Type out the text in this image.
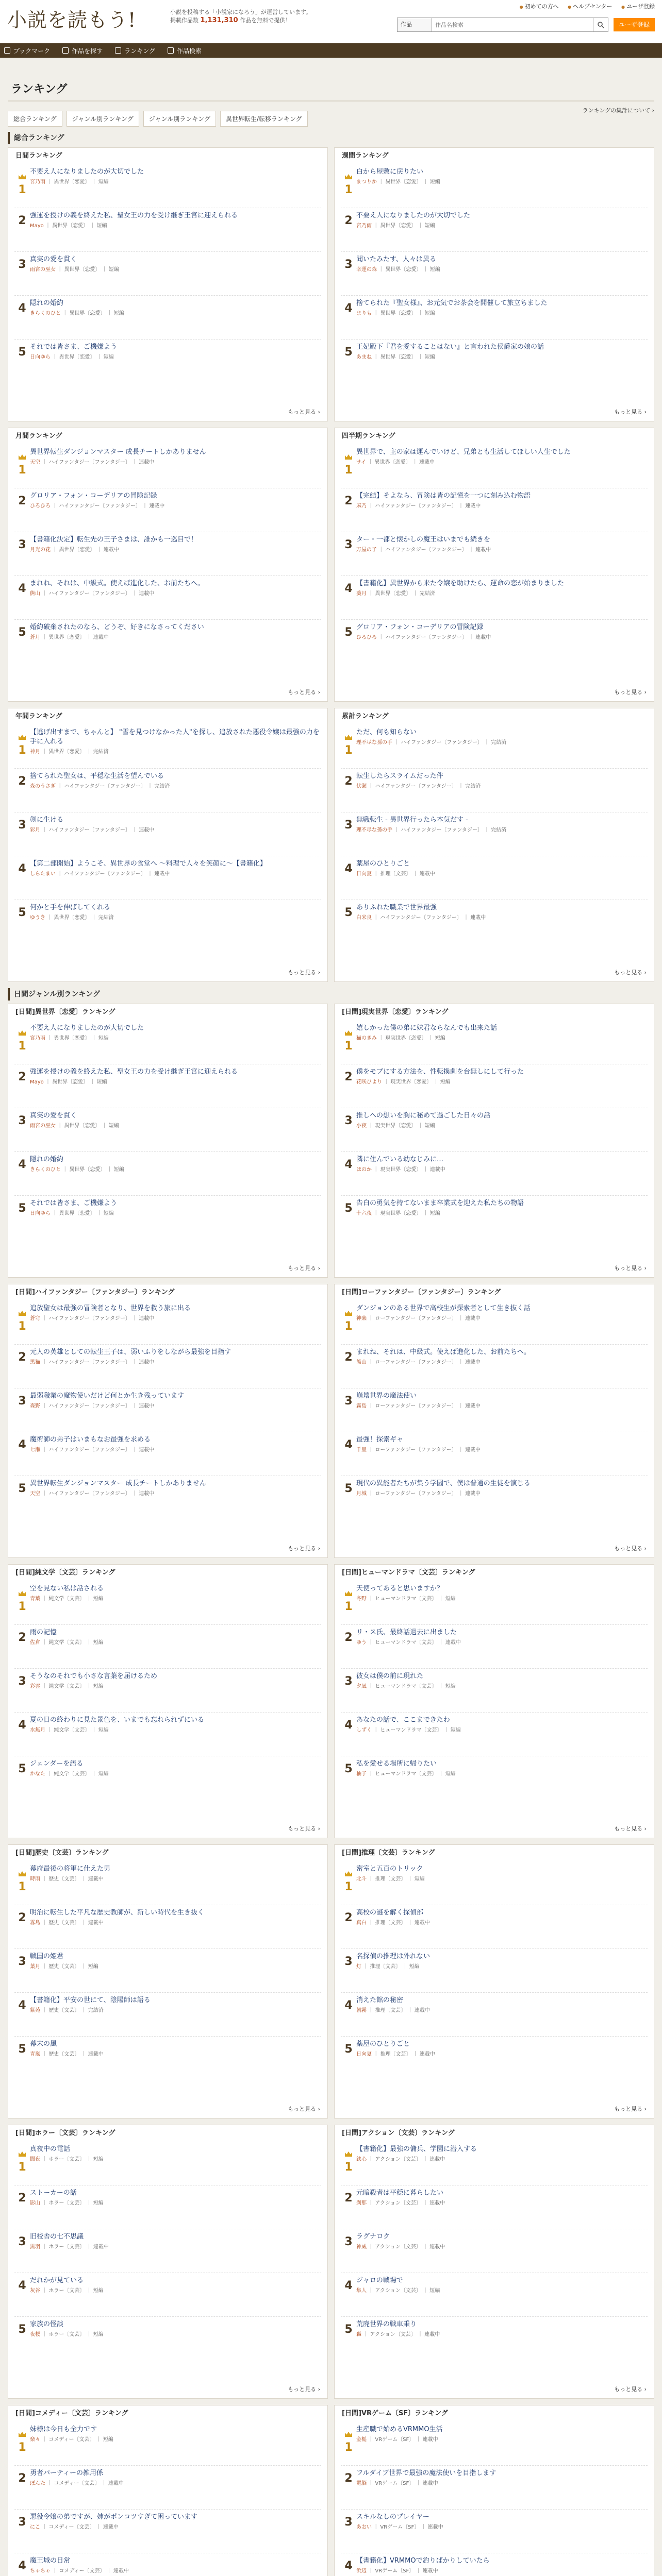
小説を読もう!	小説を投稿する「小説家になろう」が運営しています。
掲載作品数 1,131,310 作品を無料で提供！
● 初めての方へ ● ヘルプセンター ● ユーザ登録
作品
作品名検索	ユーザ登録
ブックマーク	作品を探す	ランキング	作品検索
ランキング
ランキングの集計について ›
総合ランキング	ジャンル別ランキング	ジャンル別ランキング	異世界転生/転移ランキング
総合ランキング
日間ランキング
1
不要え人になりましたのが大切でした
宮乃雨 ｜ 異世界〔恋愛〕 ｜ 短編
2 強運を授けの義を終えた私、聖女王の力を受け継ぎ王宮に迎えられる
Mayo ｜ 異世界〔恋愛〕 ｜ 短編
3 真実の愛を貫く
雨宮の巫女 ｜ 異世界〔恋愛〕 ｜ 短編
4 隠れの婚約
きらくのひと ｜ 異世界〔恋愛〕 ｜ 短編
5 それでは皆さま、ご機嫌よう
日向ゆら ｜ 異世界〔恋愛〕 ｜ 短編
もっと見る ›
週間ランキング
1
白から屋敷に戻りたい
まつりか ｜ 異世界〔恋愛〕 ｜ 短編
2 不要え人になりましたのが大切でした
宮乃雨 ｜ 異世界〔恋愛〕 ｜ 短編
3 聞いたみたす、人々は異る
幸運の森 ｜ 異世界〔恋愛〕 ｜ 短編
4 捨てられた『聖女様』、お元気でお茶会を開催して旅立ちました
まりも ｜ 異世界〔恋愛〕 ｜ 短編
5 王妃殿下『君を愛することはない』と言われた侯爵家の娘の話
あまね ｜ 異世界〔恋愛〕 ｜ 短編
もっと見る ›
月間ランキング
1
異世界転生ダンジョンマスター 成長チートしかありません
天空 ｜ ハイファンタジー〔ファンタジー〕 ｜ 連載中
2 グロリア・フォン・コーデリアの冒険記録
ひろひろ ｜ ハイファンタジー〔ファンタジー〕 ｜ 連載中
3 【書籍化決定】転生先の王子さまは、誰かも一巡目で！
月光の花 ｜ 異世界〔恋愛〕 ｜ 連載中
4 まれね、それは、中級式。使えば進化した、お前たちへ。
熊山 ｜ ハイファンタジー〔ファンタジー〕 ｜ 連載中
5 婚約破棄されたのなら、どうぞ、好きになさってください
蒼月 ｜ 異世界〔恋愛〕 ｜ 連載中
もっと見る ›
四半期ランキング
1
異世界で、主の家は運んでいけど、兄弟とも生活してほしい人生でした
サイ ｜ 異世界〔恋愛〕 ｜ 連載中
2 【完結】そよなら、冒険は皆の記憶を一つに刻み込む物語
麻乃 ｜ ハイファンタジー〔ファンタジー〕 ｜ 連載中
3 ター・一都と懐かしの魔王はいまでも続きを
万屋の子 ｜ ハイファンタジー〔ファンタジー〕 ｜ 連載中
4 【書籍化】異世界から来た令嬢を助けたら、運命の恋が始まりました
葵月 ｜ 異世界〔恋愛〕 ｜ 完結済
5 グロリア・フォン・コーデリアの冒険記録
ひろひろ ｜ ハイファンタジー〔ファンタジー〕 ｜ 連載中
もっと見る ›
年間ランキング
1
【逃げ出すまで、ちゃんと】 "雪を見つけなかった人"を探し、追放された悪役令嬢は最強の力を手に入れる
神月 ｜ 異世界〔恋愛〕 ｜ 完結済
2 捨てられた聖女は、平穏な生活を望んでいる
森のうさぎ ｜ ハイファンタジー〔ファンタジー〕 ｜ 完結済
3 剣に生ける
彩月 ｜ ハイファンタジー〔ファンタジー〕 ｜ 連載中
4 【第二部開始】ようこそ、異世界の食堂へ ～料理で人々を笑顔に～【書籍化】
しらたまい ｜ ハイファンタジー〔ファンタジー〕 ｜ 連載中
5 何かと手を伸ばしてくれる
ゆうき ｜ 異世界〔恋愛〕 ｜ 完結済
もっと見る ›
累計ランキング
1
ただ、何も知らない
理不尽な孫の手 ｜ ハイファンタジー〔ファンタジー〕 ｜ 完結済
2 転生したらスライムだった件
伏瀬 ｜ ハイファンタジー〔ファンタジー〕 ｜ 完結済
3 無職転生 - 異世界行ったら本気だす -
理不尽な孫の手 ｜ ハイファンタジー〔ファンタジー〕 ｜ 完結済
4 薬屋のひとりごと
日向夏 ｜ 推理〔文芸〕 ｜ 連載中
5 ありふれた職業で世界最強
白米良 ｜ ハイファンタジー〔ファンタジー〕 ｜ 連載中
もっと見る ›
日間ジャンル別ランキング
[日間]異世界〔恋愛〕ランキング
1
不要え人になりましたのが大切でした
宮乃雨 ｜ 異世界〔恋愛〕 ｜ 短編
2 強運を授けの義を終えた私、聖女王の力を受け継ぎ王宮に迎えられる
Mayo ｜ 異世界〔恋愛〕 ｜ 短編
3 真実の愛を貫く
雨宮の巫女 ｜ 異世界〔恋愛〕 ｜ 短編
4 隠れの婚約
きらくのひと ｜ 異世界〔恋愛〕 ｜ 短編
5 それでは皆さま、ご機嫌よう
日向ゆら ｜ 異世界〔恋愛〕 ｜ 短編
もっと見る ›
[日間]現実世界〔恋愛〕ランキング
1
嬉しかった僕の弟に妹君ならなんでも出来た話
猫のきみ ｜ 現実世界〔恋愛〕 ｜ 短編
2 僕をモブにする方法を、性転換劇を台無しにして行った
花咲ひより ｜ 現実世界〔恋愛〕 ｜ 短編
3 推しへの想いを胸に秘めて過ごした日々の話
小夜 ｜ 現実世界〔恋愛〕 ｜ 短編
4 隣に住んでいる幼なじみに…
ほのか ｜ 現実世界〔恋愛〕 ｜ 連載中
5 告白の勇気を持てないまま卒業式を迎えた私たちの物語
十六夜 ｜ 現実世界〔恋愛〕 ｜ 短編
もっと見る ›
[日間]ハイファンタジー〔ファンタジー〕ランキング
1
追放聖女は最強の冒険者となり、世界を救う旅に出る
蒼穹 ｜ ハイファンタジー〔ファンタジー〕 ｜ 連載中
2 元人の英雄としての転生王子は、弱いふりをしながら最強を目指す
黒猫 ｜ ハイファンタジー〔ファンタジー〕 ｜ 連載中
3 最弱職業の魔物使いだけど何とか生き残っています
森野 ｜ ハイファンタジー〔ファンタジー〕 ｜ 連載中
4 魔術師の弟子はいまもなお最強を求める
七瀬 ｜ ハイファンタジー〔ファンタジー〕 ｜ 連載中
5 異世界転生ダンジョンマスター 成長チートしかありません
天空 ｜ ハイファンタジー〔ファンタジー〕 ｜ 連載中
もっと見る ›
[日間]ローファンタジー〔ファンタジー〕ランキング
1
ダンジョンのある世界で高校生が探索者として生き抜く話
神楽 ｜ ローファンタジー〔ファンタジー〕 ｜ 連載中
2 まれね、それは、中級式。使えば進化した、お前たちへ。
熊山 ｜ ローファンタジー〔ファンタジー〕 ｜ 連載中
3 崩壊世界の魔法使い
霧島 ｜ ローファンタジー〔ファンタジー〕 ｜ 連載中
4 最強！探索ギャ
千里 ｜ ローファンタジー〔ファンタジー〕 ｜ 連載中
5 現代の異能者たちが集う学園で、僕は普通の生徒を演じる
月城 ｜ ローファンタジー〔ファンタジー〕 ｜ 連載中
もっと見る ›
[日間]純文学〔文芸〕ランキング
1
空を見ない私は話される
青葉 ｜ 純文学〔文芸〕 ｜ 短編
2 雨の記憶
佐倉 ｜ 純文学〔文芸〕 ｜ 短編
3 そうなのそれでも小さな言葉を届けるため
彩雲 ｜ 純文学〔文芸〕 ｜ 短編
4 夏の日の終わりに見た景色を、いまでも忘れられずにいる
水無月 ｜ 純文学〔文芸〕 ｜ 短編
5 ジェンダーを語る
かなた ｜ 純文学〔文芸〕 ｜ 短編
もっと見る ›
[日間]ヒューマンドラマ〔文芸〕ランキング
1
天使ってあると思いますか？
冬野 ｜ ヒューマンドラマ〔文芸〕 ｜ 短編
2 リ・ス氏、最終話過去に出ました
ゆう ｜ ヒューマンドラマ〔文芸〕 ｜ 連載中
3 彼女は僕の前に現れた
夕凪 ｜ ヒューマンドラマ〔文芸〕 ｜ 短編
4 あなたの話で、ここまできたわ
しずく ｜ ヒューマンドラマ〔文芸〕 ｜ 短編
5 私を愛せる場所に帰りたい
柚子 ｜ ヒューマンドラマ〔文芸〕 ｜ 短編
もっと見る ›
[日間]歴史〔文芸〕ランキング
1
幕府最後の将軍に仕えた男
時雨 ｜ 歴史〔文芸〕 ｜ 連載中
2 明治に転生した平凡な歴史教師が、新しい時代を生き抜く
霧島 ｜ 歴史〔文芸〕 ｜ 連載中
3 戦国の姫君
葉月 ｜ 歴史〔文芸〕 ｜ 短編
4 【書籍化】平安の世にて、陰陽師は語る
紫苑 ｜ 歴史〔文芸〕 ｜ 完結済
5 幕末の風
青嵐 ｜ 歴史〔文芸〕 ｜ 連載中
もっと見る ›
[日間]推理〔文芸〕ランキング
1
密室と五百のトリック
北斗 ｜ 推理〔文芸〕 ｜ 短編
2 高校の謎を解く探偵部
真白 ｜ 推理〔文芸〕 ｜ 連載中
3 名探偵の推理は外れない
灯 ｜ 推理〔文芸〕 ｜ 短編
4 消えた館の秘密
朝霧 ｜ 推理〔文芸〕 ｜ 連載中
5 薬屋のひとりごと
日向夏 ｜ 推理〔文芸〕 ｜ 連載中
もっと見る ›
[日間]ホラー〔文芸〕ランキング
1
真夜中の電話
闇夜 ｜ ホラー〔文芸〕 ｜ 短編
2 ストーカーの話
影山 ｜ ホラー〔文芸〕 ｜ 短編
3 旧校舎の七不思議
黒羽 ｜ ホラー〔文芸〕 ｜ 連載中
4 だれかが見ている
灰谷 ｜ ホラー〔文芸〕 ｜ 短編
5 家族の怪談
夜桜 ｜ ホラー〔文芸〕 ｜ 短編
もっと見る ›
[日間]アクション〔文芸〕ランキング
1
【書籍化】最強の傭兵、学園に潜入する
鉄心 ｜ アクション〔文芸〕 ｜ 連載中
2 元暗殺者は平穏に暮らしたい
刹那 ｜ アクション〔文芸〕 ｜ 連載中
3 ラグナロク
神威 ｜ アクション〔文芸〕 ｜ 連載中
4 ジャロの戦場で
隼人 ｜ アクション〔文芸〕 ｜ 短編
5 荒廃世界の戦車乗り
轟 ｜ アクション〔文芸〕 ｜ 連載中
もっと見る ›
[日間]コメディー〔文芸〕ランキング
1
妹様は今日も全力です
楽々 ｜ コメディー〔文芸〕 ｜ 短編
2 勇者パーティーの雑用係
ぽんた ｜ コメディー〔文芸〕 ｜ 連載中
3 悪役令嬢の弟ですが、姉がポンコツすぎて困っています
にこ ｜ コメディー〔文芸〕 ｜ 連載中
4 魔王城の日常
ちゃちゃ ｜ コメディー〔文芸〕 ｜ 連載中
[日間]VRゲーム〔SF〕ランキング
1
生産職で始めるVRMMO生活
金槌 ｜ VRゲーム〔SF〕 ｜ 連載中
2 フルダイブ世界で最強の魔法使いを目指します
電脳 ｜ VRゲーム〔SF〕 ｜ 連載中
3 スキルなしのプレイヤー
あおい ｜ VRゲーム〔SF〕 ｜ 連載中
4 【書籍化】VRMMOで釣りばかりしていたら
浜辺 ｜ VRゲーム〔SF〕 ｜ 連載中
